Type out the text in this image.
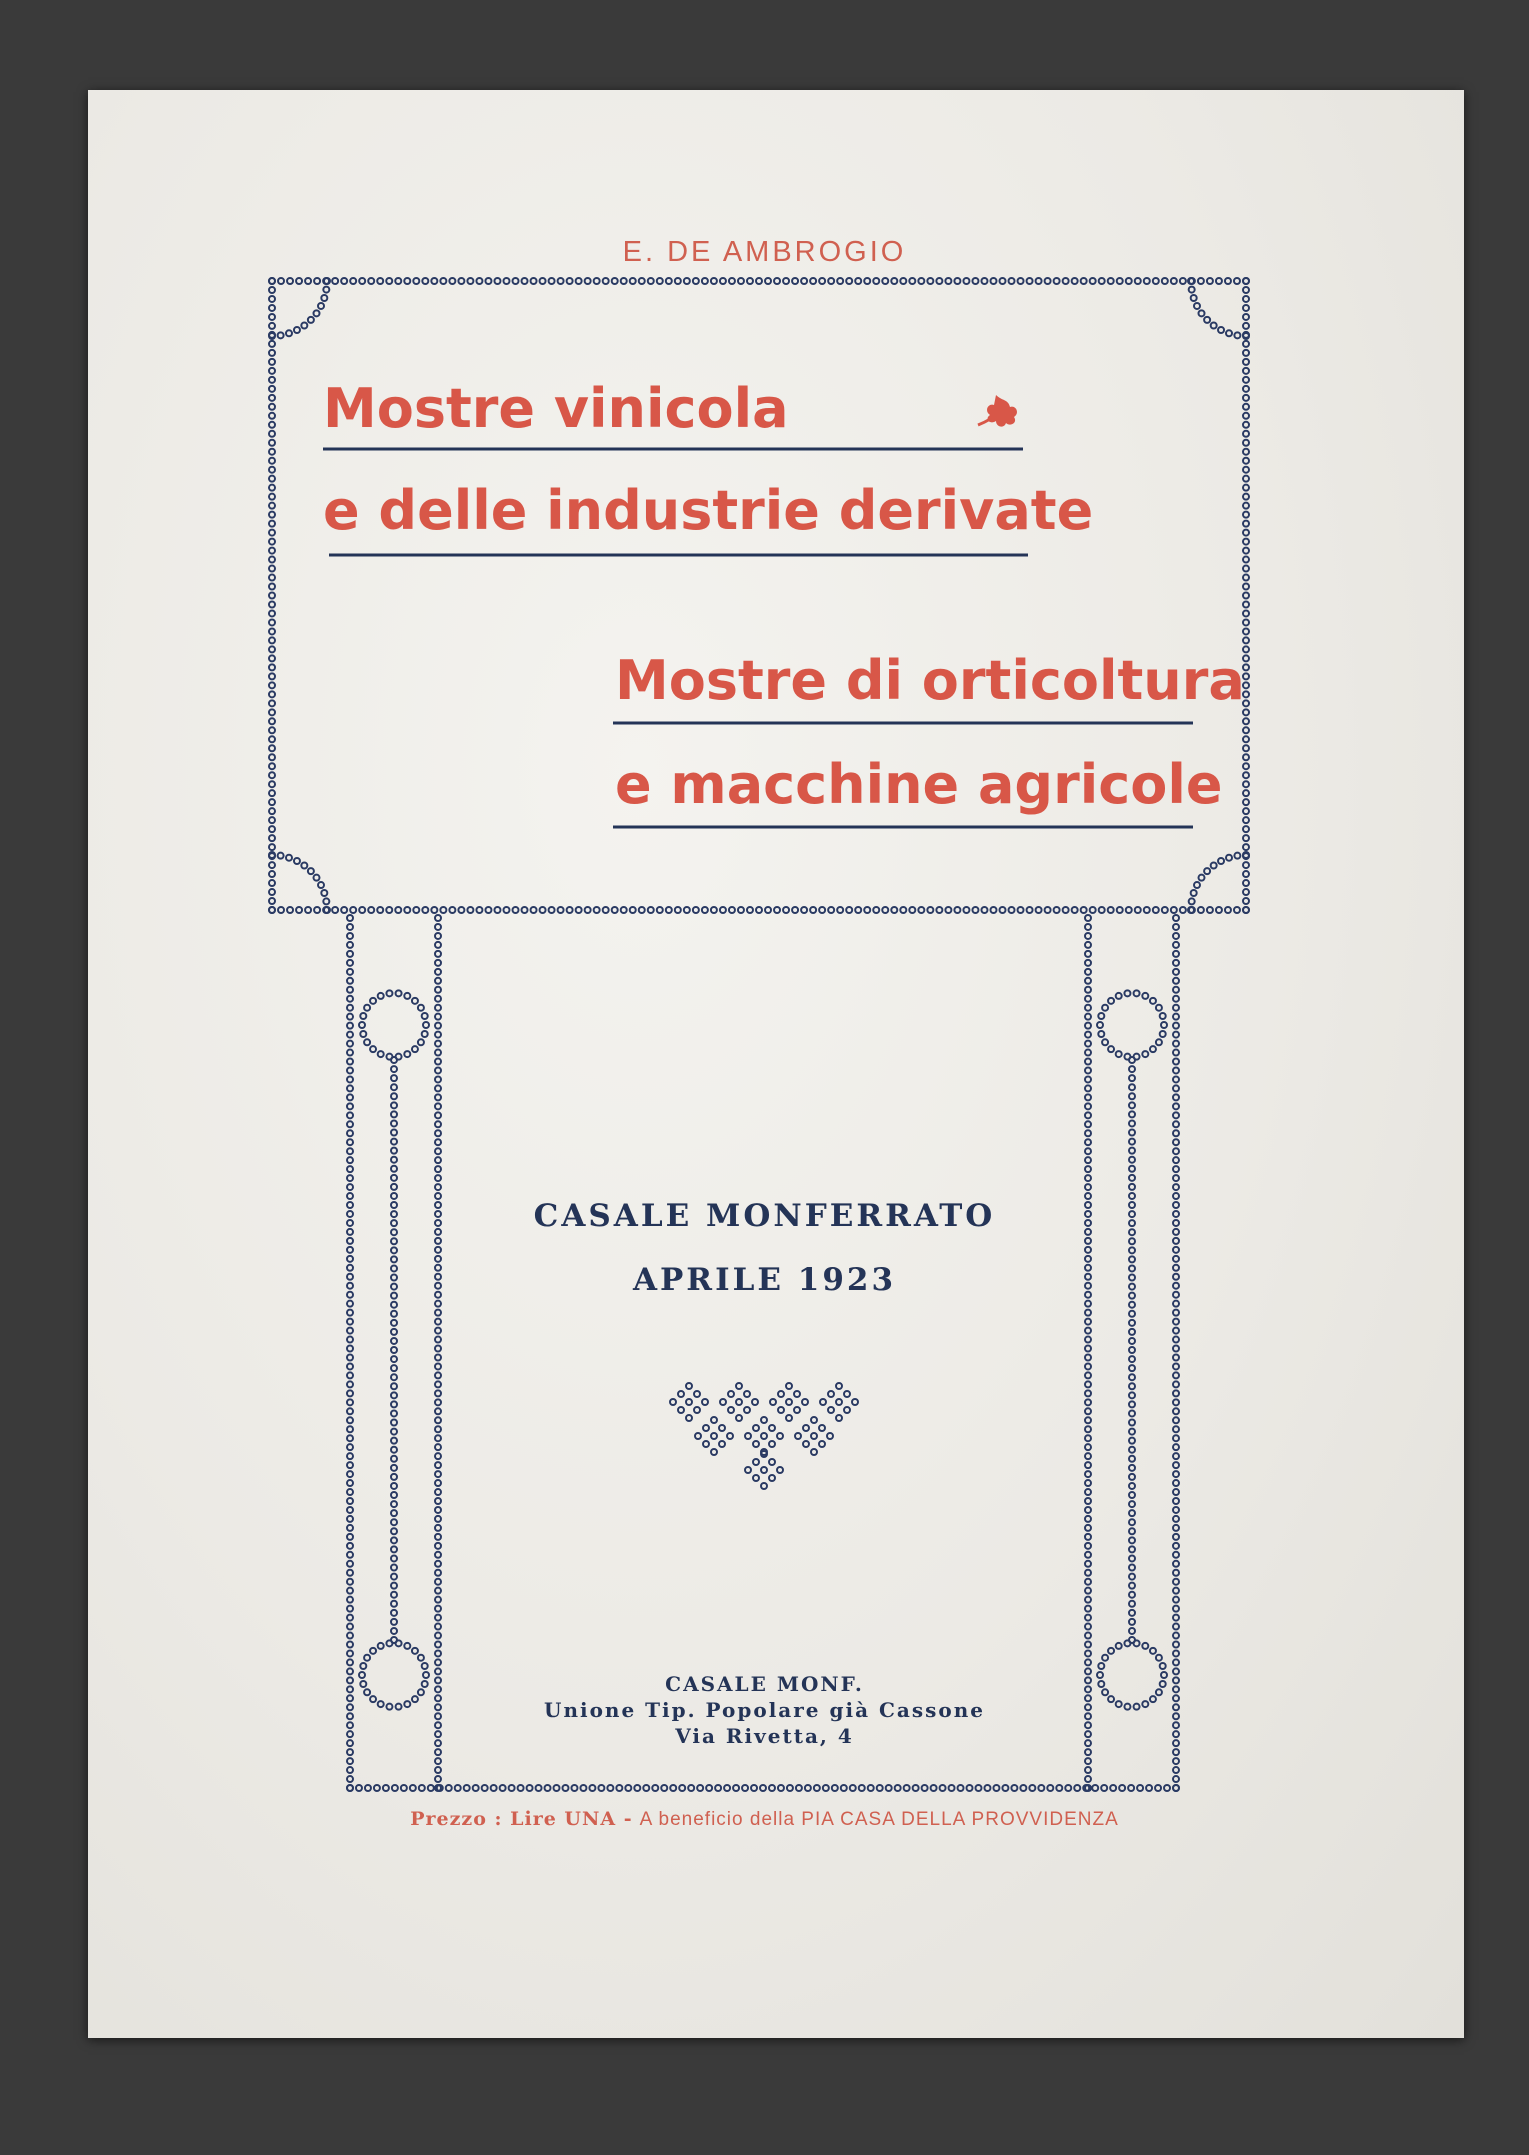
E. DE AMBROGIO
Mostre vinicola
e delle industrie derivate
Mostre di orticoltura
e macchine agricole
CASALE MONFERRATO
APRILE 1923
CASALE MONF.
Unione Tip. Popolare già Cassone
Via Rivetta, 4
Prezzo : Lire UNA - A beneficio della PIA CASA DELLA PROVVIDENZA
